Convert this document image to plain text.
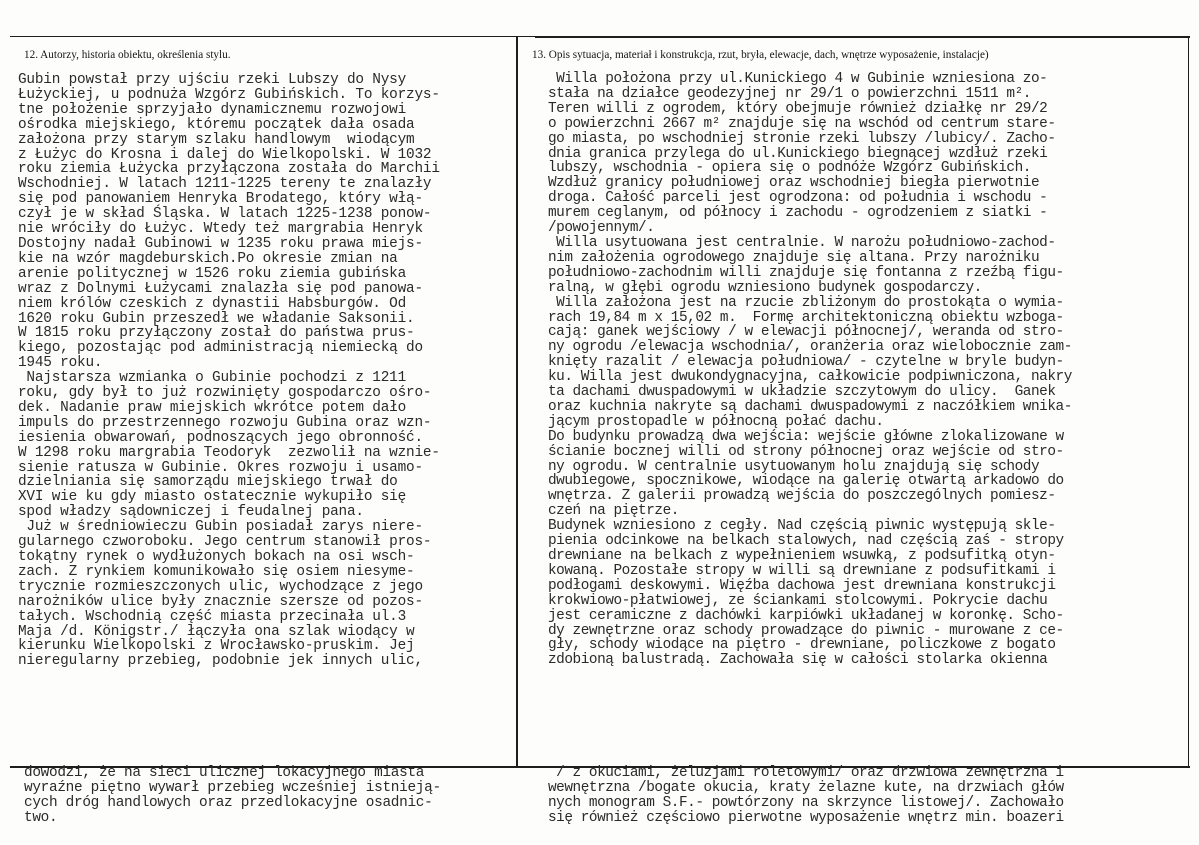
12. Autorzy, historia obiektu, określenia stylu.	13. Opis sytuacja, materiał i konstrukcja, rzut, bryła, elewacje, dach, wnętrze wyposażenie, instalacje)
Gubin powstał przy ujściu rzeki Lubszy do Nysy
Łużyckiej, u podnuża Wzgórz Gubińskich. To korzys-
tne położenie sprzyjało dynamicznemu rozwojowi
ośrodka miejskiego, któremu początek dała osada
założona przy starym szlaku handlowym  wiodącym
z Łużyc do Krosna i dalej do Wielkopolski. W 1032
roku ziemia Łużycka przyłączona została do Marchii
Wschodniej. W latach 1211-1225 tereny te znalazły
się pod panowaniem Henryka Brodatego, który włą-
czył je w skład Śląska. W latach 1225-1238 ponow-
nie wróciły do Łużyc. Wtedy też margrabia Henryk
Dostojny nadał Gubinowi w 1235 roku prawa miejs-
kie na wzór magdeburskich.Po okresie zmian na
arenie politycznej w 1526 roku ziemia gubińska
wraz z Dolnymi Łużycami znalazła się pod panowa-
niem królów czeskich z dynastii Habsburgów. Od
1620 roku Gubin przeszedł we władanie Saksonii.
W 1815 roku przyłączony został do państwa prus-
kiego, pozostając pod administracją niemiecką do
1945 roku.
Najstarsza wzmianka o Gubinie pochodzi z 1211
roku, gdy był to już rozwinięty gospodarczo ośro-
dek. Nadanie praw miejskich wkrótce potem dało
impuls do przestrzennego rozwoju Gubina oraz wzn-
iesienia obwarowań, podnoszących jego obronność.
W 1298 roku margrabia Teodoryk  zezwolił na wznie-
sienie ratusza w Gubinie. Okres rozwoju i usamo-
dzielniania się samorządu miejskiego trwał do
XVI wie ku gdy miasto ostatecznie wykupiło się
spod władzy sądowniczej i feudalnej pana.
Już w średniowieczu Gubin posiadał zarys niere-
gularnego czworoboku. Jego centrum stanowił pros-
tokątny rynek o wydłużonych bokach na osi wsch-
zach. Z rynkiem komunikowało się osiem niesyme-
trycznie rozmieszczonych ulic, wychodzące z jego
narożników ulice były znacznie szersze od pozos-
tałych. Wschodnią część miasta przecinała ul.3
Maja /d. Königstr./ łączyła ona szlak wiodący w
kierunku Wielkopolski z Wrocławsko-pruskim. Jej
nieregularny przebieg, podobnie jek innych ulic,
Willa położona przy ul.Kunickiego 4 w Gubinie wzniesiona zo-
stała na działce geodezyjnej nr 29/1 o powierzchni 1511 m².
Teren willi z ogrodem, który obejmuje również działkę nr 29/2
o powierzchni 2667 m² znajduje się na wschód od centrum stare-
go miasta, po wschodniej stronie rzeki lubszy /lubicy/. Zacho-
dnia granica przylega do ul.Kunickiego biegnącej wzdłuż rzeki
lubszy, wschodnia - opiera się o podnóże Wzgórz Gubińskich.
Wzdłuż granicy południowej oraz wschodniej biegła pierwotnie
droga. Całość parceli jest ogrodzona: od południa i wschodu -
murem ceglanym, od północy i zachodu - ogrodzeniem z siatki -
/powojennym/.
Willa usytuowana jest centralnie. W narożu południowo-zachod-
nim założenia ogrodowego znajduje się altana. Przy narożniku
południowo-zachodnim willi znajduje się fontanna z rzeźbą figu-
ralną, w głębi ogrodu wzniesiono budynek gospodarczy.
Willa założona jest na rzucie zbliżonym do prostokąta o wymia-
rach 19,84 m x 15,02 m.  Formę architektoniczną obiektu wzboga-
cają: ganek wejściowy / w elewacji północnej/, weranda od stro-
ny ogrodu /elewacja wschodnia/, oranżeria oraz wielobocznie zam-
knięty razalit / elewacja południowa/ - czytelne w bryle budyn-
ku. Willa jest dwukondygnacyjna, całkowicie podpiwniczona, nakry
ta dachami dwuspadowymi w układzie szczytowym do ulicy.  Ganek
oraz kuchnia nakryte są dachami dwuspadowymi z naczółkiem wnika-
jącym prostopadle w północną połać dachu.
Do budynku prowadzą dwa wejścia: wejście główne zlokalizowane w
ścianie bocznej willi od strony północnej oraz wejście od stro-
ny ogrodu. W centralnie usytuowanym holu znajdują się schody
dwubiegowe, spocznikowe, wiodące na galerię otwartą arkadowo do
wnętrza. Z galerii prowadzą wejścia do poszczególnych pomiesz-
czeń na piętrze.
Budynek wzniesiono z cegły. Nad częścią piwnic występują skle-
pienia odcinkowe na belkach stalowych, nad częścią zaś - stropy
drewniane na belkach z wypełnieniem wsuwką, z podsufitką otyn-
kowaną. Pozostałe stropy w willi są drewniane z podsufitkami i
podłogami deskowymi. Więźba dachowa jest drewniana konstrukcji
krokwiowo-płatwiowej, ze ściankami stolcowymi. Pokrycie dachu
jest ceramiczne z dachówki karpiówki układanej w koronkę. Scho-
dy zewnętrzne oraz schody prowadzące do piwnic - murowane z ce-
gły, schody wiodące na piętro - drewniane, policzkowe z bogato
zdobioną balustradą. Zachowała się w całości stolarka okienna
dowodzi, że na sieci ulicznej lokacyjnego miasta
wyraźne piętno wywarł przebieg wcześniej istnieją-
cych dróg handlowych oraz przedlokacyjne osadnic-
two.
/ z okuciami, żeluzjami roletowymi/ oraz drzwiowa zewnętrzna i
wewnętrzna /bogate okucia, kraty żelazne kute, na drzwiach głów
nych monogram S.F.- powtórzony na skrzynce listowej/. Zachowało
się również częściowo pierwotne wyposażenie wnętrz min. boazeri
